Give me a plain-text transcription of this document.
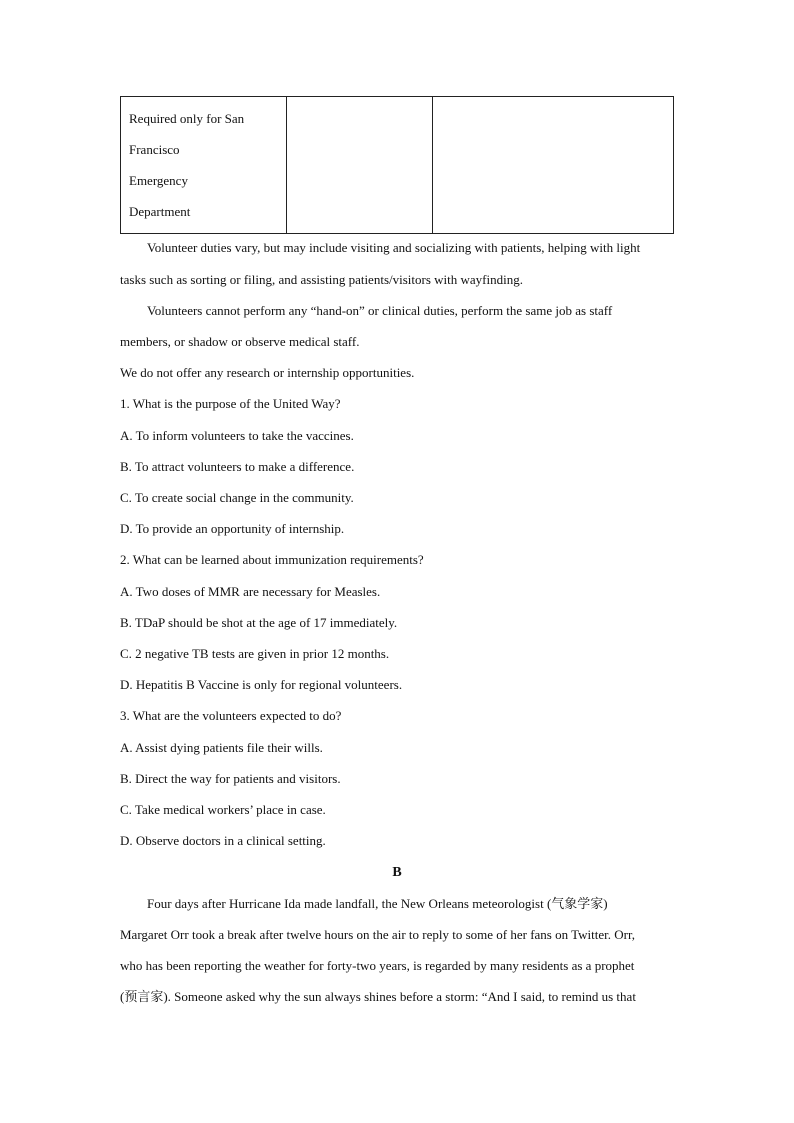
Required only for San
Francisco
Emergency
Department

Volunteer duties vary, but may include visiting and socializing with patients, helping with light
tasks such as sorting or filing, and assisting patients/visitors with wayfinding.
Volunteers cannot perform any “hand-on” or clinical duties, perform the same job as staff
members, or shadow or observe medical staff.
We do not offer any research or internship opportunities.
1. What is the purpose of the United Way?
A. To inform volunteers to take the vaccines.
B. To attract volunteers to make a difference.
C. To create social change in the community.
D. To provide an opportunity of internship.
2. What can be learned about immunization requirements?
A. Two doses of MMR are necessary for Measles.
B. TDaP should be shot at the age of 17 immediately.
C. 2 negative TB tests are given in prior 12 months.
D. Hepatitis B Vaccine is only for regional volunteers.
3. What are the volunteers expected to do?
A. Assist dying patients file their wills.
B. Direct the way for patients and visitors.
C. Take medical workers’ place in case.
D. Observe doctors in a clinical setting.
B
Four days after Hurricane Ida made landfall, the New Orleans meteorologist (气象学家)
Margaret Orr took a break after twelve hours on the air to reply to some of her fans on Twitter. Orr,
who has been reporting the weather for forty-two years, is regarded by many residents as a prophet
(预言家). Someone asked why the sun always shines before a storm: “And I said, to remind us that
